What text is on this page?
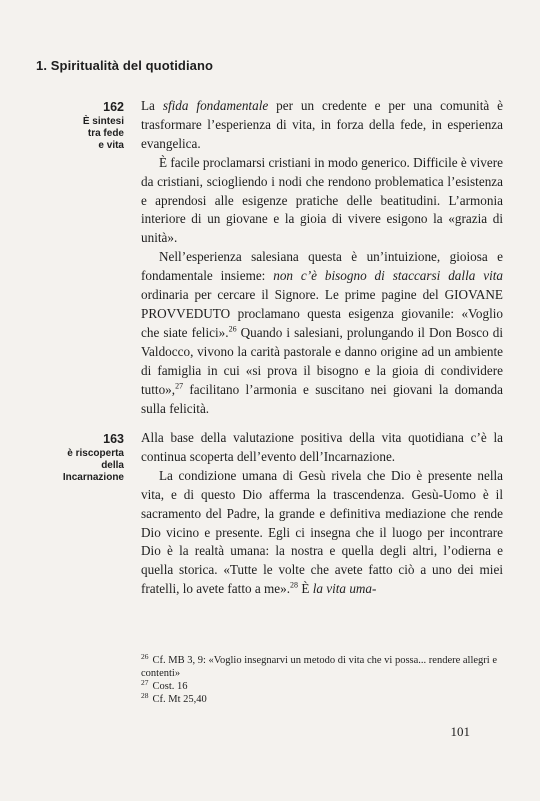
1. Spiritualità del quotidiano
162
È sintesi
tra fede
e vita

La sfida fondamentale per un credente e per una comunità è trasformare l’esperienza di vita, in forza della fede, in esperienza evangelica.

È facile proclamarsi cristiani in modo generico. Difficile è vivere da cristiani, sciogliendo i nodi che rendono problematica l’esistenza e aprendosi alle esigenze pratiche delle beatitudini. L’armonia interiore di un giovane e la gioia di vivere esigono la «grazia di unità».

Nell’esperienza salesiana questa è un’intuizione, gioiosa e fondamentale insieme: non c’è bisogno di staccarsi dalla vita ordinaria per cercare il Signore. Le prime pagine del GIOVANE PROVVEDUTO proclamano questa esigenza giovanile: «Voglio che siate felici».$^{26}$ Quando i salesiani, prolungando il Don Bosco di Valdocco, vivono la carità pastorale e danno origine ad un ambiente di famiglia in cui «si prova il bisogno e la gioia di condividere tutto»,$^{27}$ facilitano l’armonia e suscitano nei giovani la domanda sulla felicità.

163
è riscoperta
della
Incarnazione

Alla base della valutazione positiva della vita quotidiana c’è la continua scoperta dell’evento dell’Incarnazione.

La condizione umana di Gesù rivela che Dio è presente nella vita, e di questo Dio afferma la trascendenza. Gesù-Uomo è il sacramento del Padre, la grande e definitiva mediazione che rende Dio vicino e presente. Egli ci insegna che il luogo per incontrare Dio è la realtà umana: la nostra e quella degli altri, l’odierna e quella storica. «Tutte le volte che avete fatto ciò a uno dei miei fratelli, lo avete fatto a me».$^{28}$ È la vita uma-

$^{26}$ Cf. MB 3, 9: «Voglio insegnarvi un metodo di vita che vi possa... rendere allegri e contenti»
$^{27}$ Cost. 16
$^{28}$ Cf. Mt 25,40
101
